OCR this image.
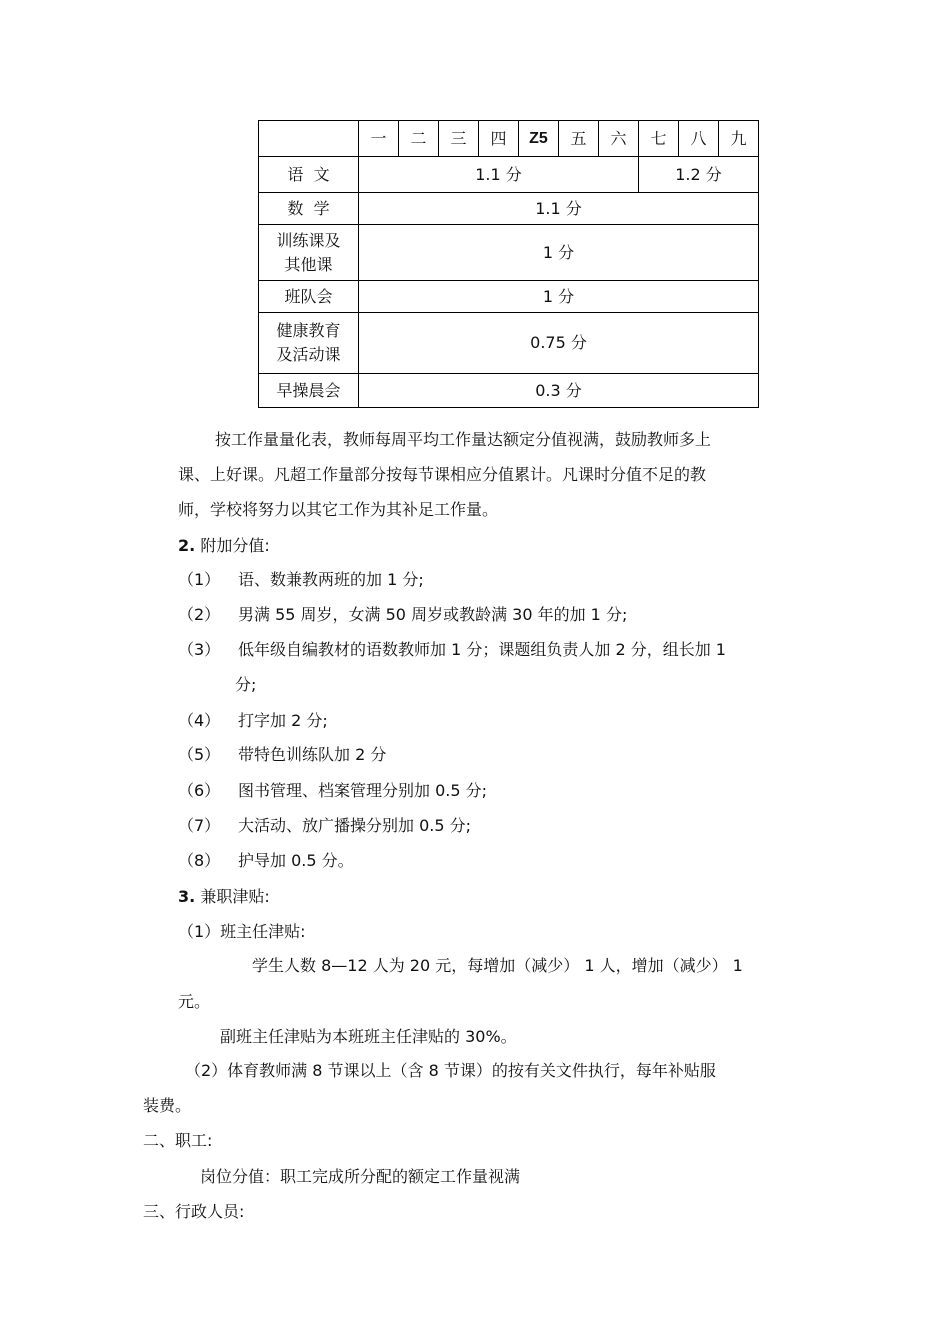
	一	二	三	四	Z5	五	六	七	八	九
语  文	1.1 分							1.2 分		
数  学	1.1 分									

训练课及
其他课	1 分									
班队会	1 分									

健康教育
及活动课	0.75 分									
早操晨会	0.3 分									
按工作量量化表，教师每周平均工作量达额定分值视满，鼓励教师多上
课、上好课。凡超工作量部分按每节课相应分值累计。凡课时分值不足的教
师，学校将努力以其它工作为其补足工作量。
2. 附加分值:
（1） 语、数兼教两班的加 1 分;
（2） 男满 55 周岁，女满 50 周岁或教龄满 30 年的加 1 分;
（3） 低年级自编教材的语数教师加 1 分；课题组负责人加 2 分，组长加 1
分;
（4） 打字加 2 分;
（5） 带特色训练队加 2 分
（6） 图书管理、档案管理分别加 0.5 分;
（7） 大活动、放广播操分别加 0.5 分;
（8） 护导加 0.5 分。
3. 兼职津贴:
（1）班主任津贴:
学生人数 8—12 人为 20 元，每增加（减少） 1 人，增加（减少） 1
元。
副班主任津贴为本班班主任津贴的 30%。
（2）体育教师满 8 节课以上（含 8 节课）的按有关文件执行，每年补贴服
装费。
二、职工:
岗位分值：职工完成所分配的额定工作量视满
三、行政人员:
